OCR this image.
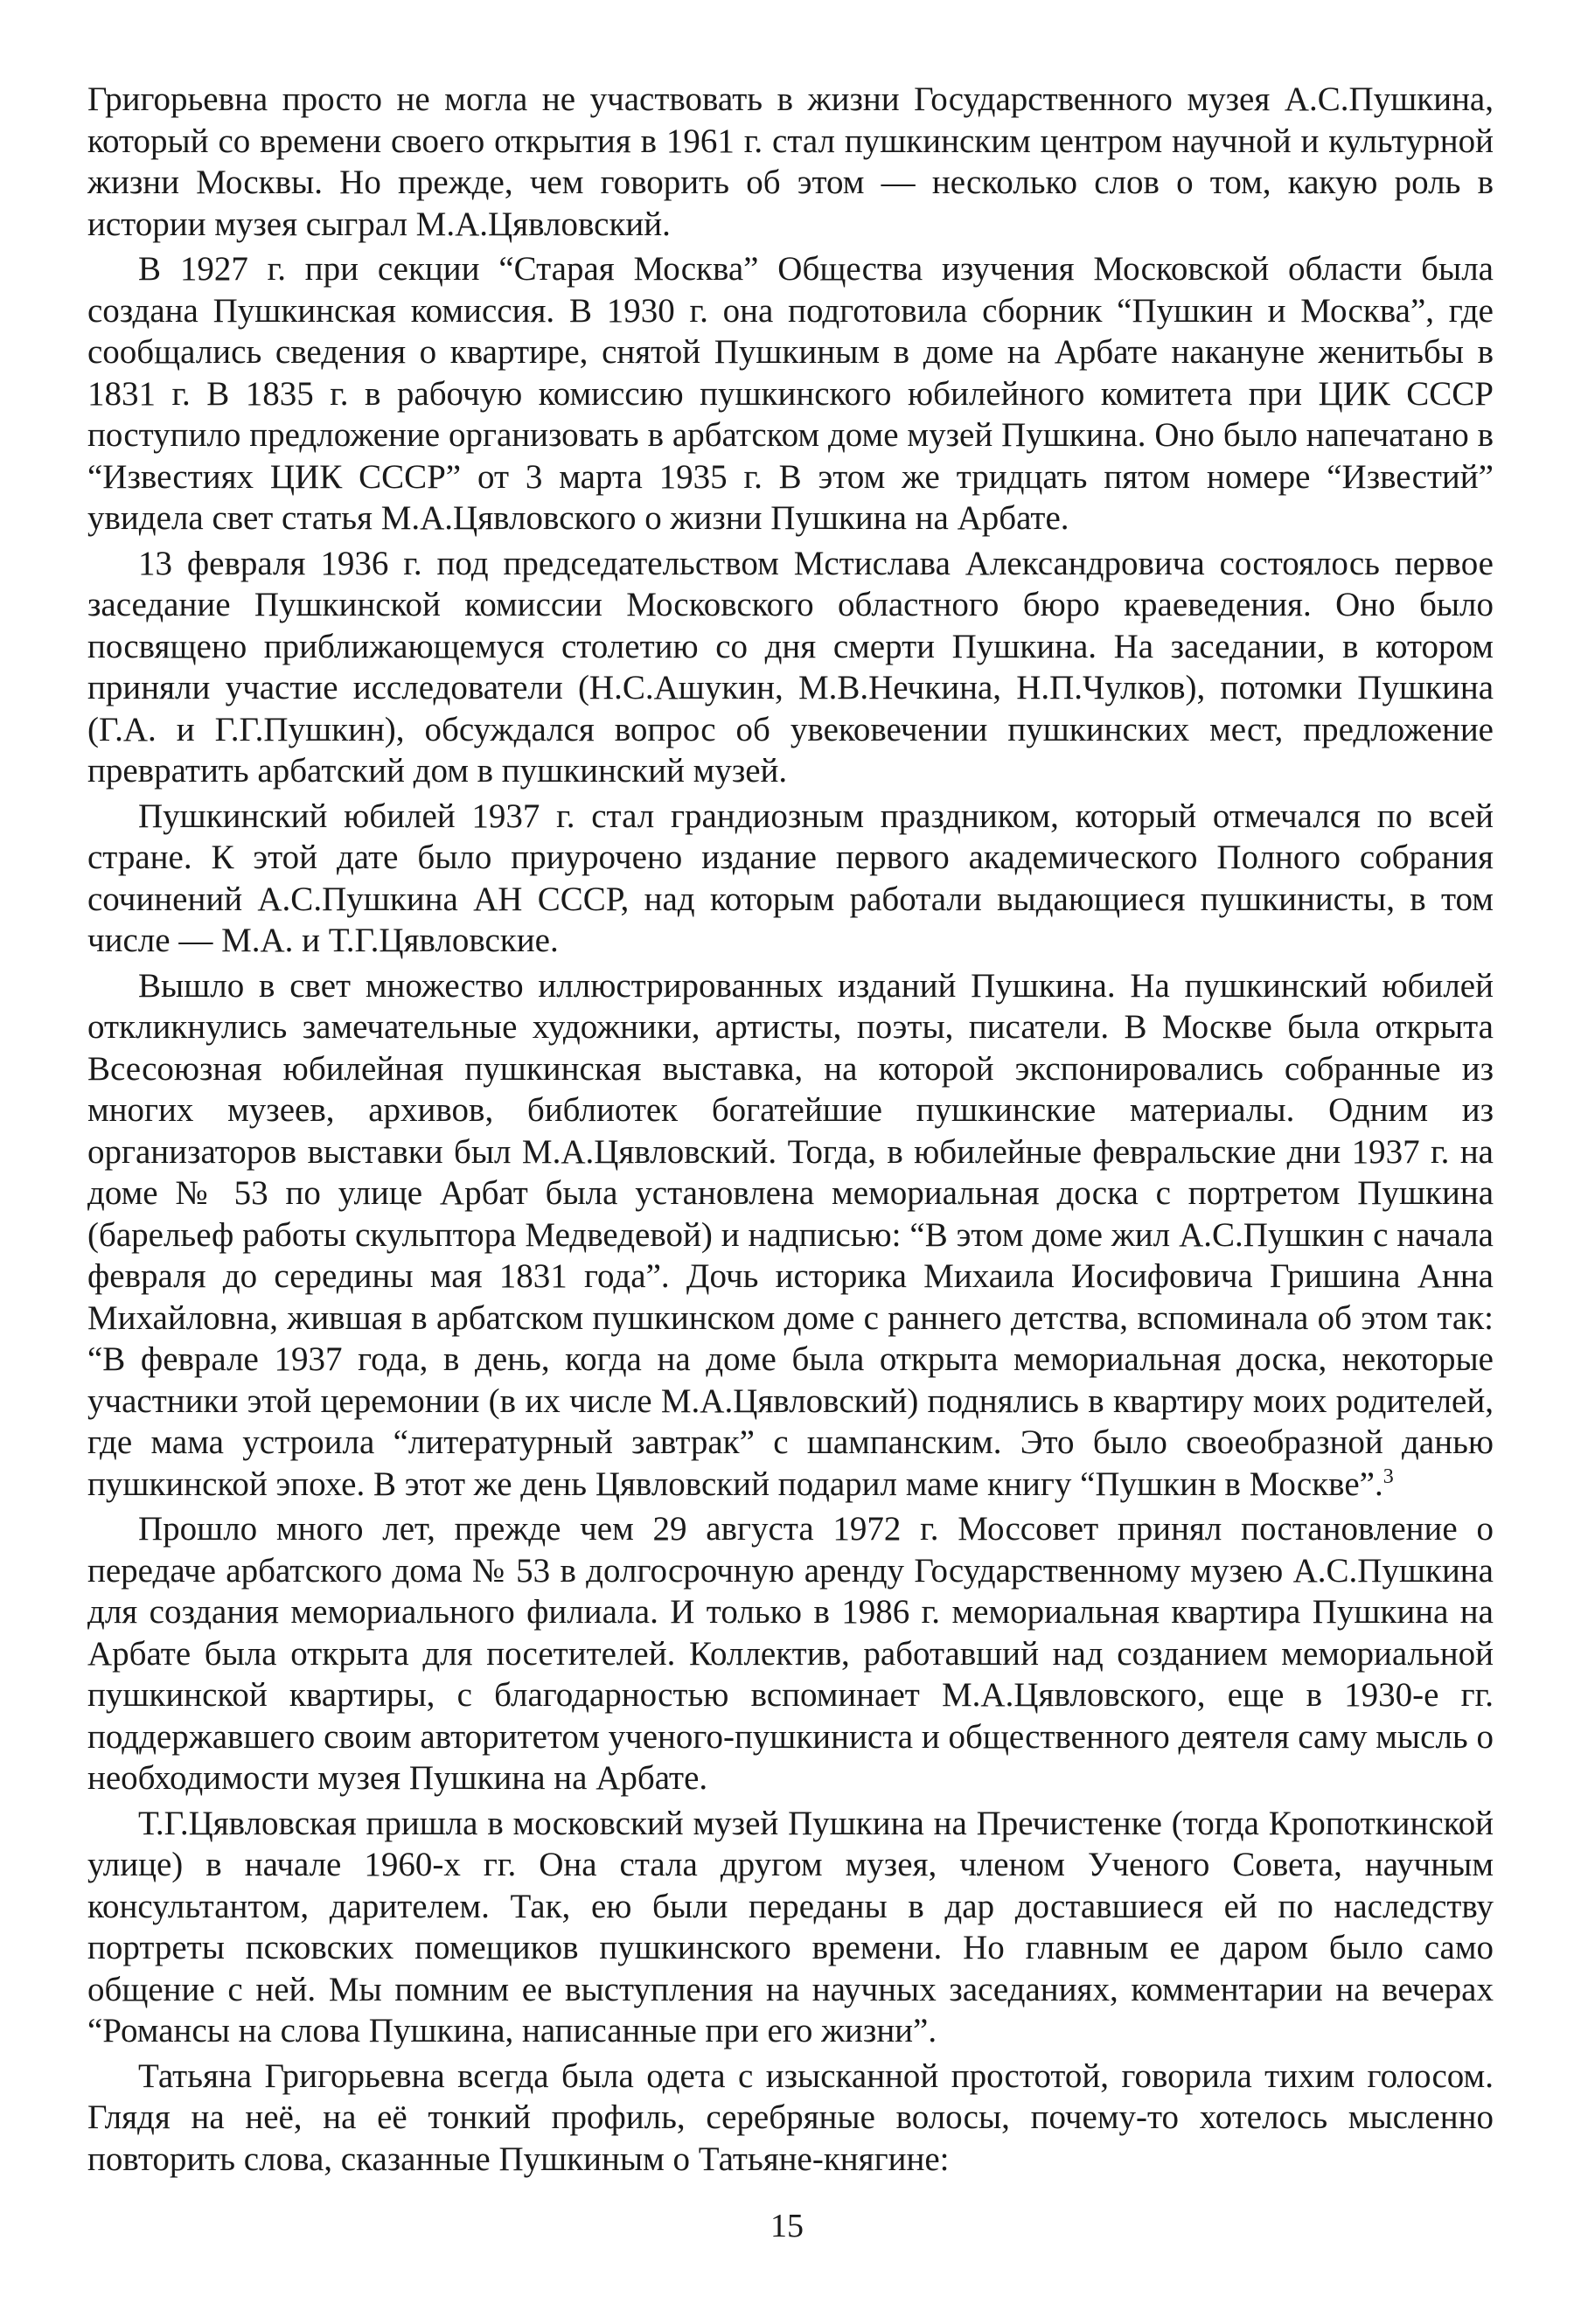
Григорьевна просто не могла не участвовать в жизни Государственного музея А.С.Пушкина, который со времени своего открытия в 1961 г. стал пушкинским центром научной и культурной жизни Москвы. Но прежде, чем говорить об этом — несколько слов о том, какую роль в истории музея сыграл М.А.Цявловский.

В 1927 г. при секции “Старая Москва” Общества изучения Московской области была создана Пушкинская комиссия. В 1930 г. она подготовила сборник “Пушкин и Москва”, где сообщались сведения о квартире, снятой Пушкиным в доме на Арбате накануне женитьбы в 1831 г. В 1835 г. в рабочую комиссию пушкинского юбилейного комитета при ЦИК СССР поступило предложение организовать в арбатском доме музей Пушкина. Оно было напечатано в “Известиях ЦИК СССР” от 3 марта 1935 г. В этом же тридцать пятом номере “Известий” увидела свет статья М.А.Цявловского о жизни Пушкина на Арбате.

13 февраля 1936 г. под председательством Мстислава Александровича состоялось первое заседание Пушкинской комиссии Московского областного бюро краеведения. Оно было посвящено приближающемуся столетию со дня смерти Пушкина. На заседании, в котором приняли участие исследователи (Н.С.Ашукин, М.В.Нечкина, Н.П.Чулков), потомки Пушкина (Г.А. и Г.Г.Пушкин), обсуждался вопрос об увековечении пушкинских мест, предложение превратить арбатский дом в пушкинский музей.

Пушкинский юбилей 1937 г. стал грандиозным праздником, который отмечался по всей стране. К этой дате было приурочено издание первого академического Полного собрания сочинений А.С.Пушкина АН СССР, над которым работали выдающиеся пушкинисты, в том числе — М.А. и Т.Г.Цявловские.

Вышло в свет множество иллюстрированных изданий Пушкина. На пушкинский юбилей откликнулись замечательные художники, артисты, поэты, писатели. В Москве была открыта Всесоюзная юбилейная пушкинская выставка, на которой экспонировались собранные из многих музеев, архивов, библиотек богатейшие пушкинские материалы. Одним из организаторов выставки был М.А.Цявловский. Тогда, в юбилейные февральские дни 1937 г. на доме № 53 по улице Арбат была установлена мемориальная доска с портретом Пушкина (барельеф работы скульптора Медведевой) и надписью: “В этом доме жил А.С.Пушкин с начала февраля до середины мая 1831 года”. Дочь историка Михаила Иосифовича Гришина Анна Михайловна, жившая в арбатском пушкинском доме с раннего детства, вспоминала об этом так: “В феврале 1937 года, в день, когда на доме была открыта мемориальная доска, некоторые участники этой церемонии (в их числе М.А.Цявловский) поднялись в квартиру моих родителей, где мама устроила “литературный завтрак” с шампанским. Это было своеобразной данью пушкинской эпохе. В этот же день Цявловский подарил маме книгу “Пушкин в Москве”.$^3$

Прошло много лет, прежде чем 29 августа 1972 г. Моссовет принял постановление о передаче арбатского дома № 53 в долгосрочную аренду Государственному музею А.С.Пушкина для создания мемориального филиала. И только в 1986 г. мемориальная квартира Пушкина на Арбате была открыта для посетителей. Коллектив, работавший над созданием мемориальной пушкинской квартиры, с благодарностью вспоминает М.А.Цявловского, еще в 1930-е гг. поддержавшего своим авторитетом ученого-пушкиниста и общественного деятеля саму мысль о необходимости музея Пушкина на Арбате.

Т.Г.Цявловская пришла в московский музей Пушкина на Пречистенке (тогда Кропоткинской улице) в начале 1960-х гг. Она стала другом музея, членом Ученого Совета, научным консультантом, дарителем. Так, ею были переданы в дар доставшиеся ей по наследству портреты псковских помещиков пушкинского времени. Но главным ее даром было само общение с ней. Мы помним ее выступления на научных заседаниях, комментарии на вечерах “Романсы на слова Пушкина, написанные при его жизни”.

Татьяна Григорьевна всегда была одета с изысканной простотой, говорила тихим голосом. Глядя на неё, на её тонкий профиль, серебряные волосы, почему-то хотелось мысленно повторить слова, сказанные Пушкиным о Татьяне-княгине:

15
